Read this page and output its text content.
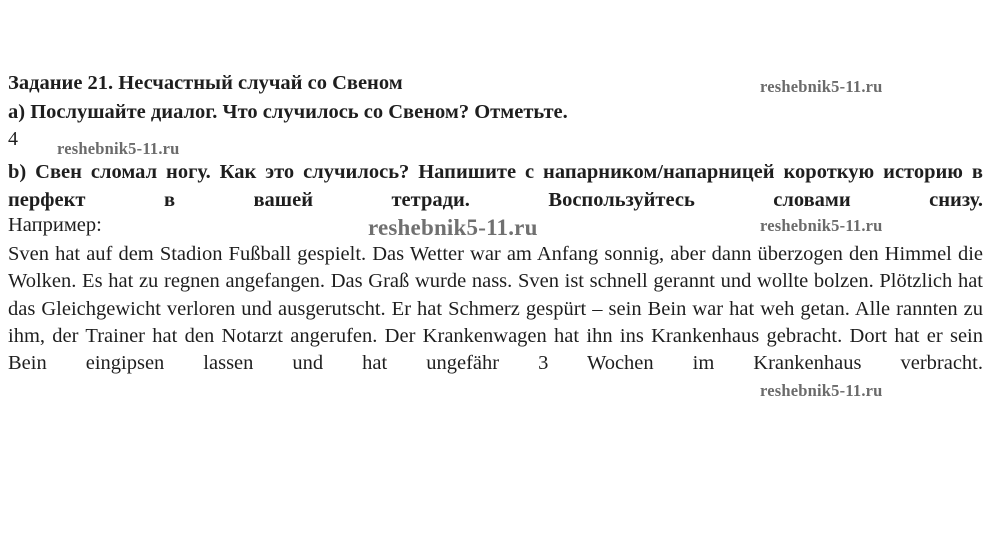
Задание 21. Несчастный случай со Свеном
а) Послушайте диалог. Что случилось со Свеном? Отметьте.
4
b) Свен сломал ногу. Как это случилось? Напишите с напарником/напарницей короткую историю в перфект в вашей тетради. Воспользуйтесь словами снизу.
Например:
Sven hat auf dem Stadion Fußball gespielt. Das Wetter war am Anfang sonnig, aber dann überzogen den Himmel die Wolken. Es hat zu regnen angefangen. Das Graß wurde nass. Sven ist schnell gerannt und wollte bolzen. Plötzlich hat das Gleichgewicht verloren und ausgerutscht. Er hat Schmerz gespürt – sein Bein war hat weh getan. Alle rannten zu ihm, der Trainer hat den Notarzt angerufen. Der Krankenwagen hat ihn ins Krankenhaus gebracht. Dort hat er sein Bein eingipsen lassen und hat ungefähr 3 Wochen im Krankenhaus verbracht.
reshebnik5-11.ru
reshebnik5-11.ru
reshebnik5-11.ru	reshebnik5-11.ru
reshebnik5-11.ru
